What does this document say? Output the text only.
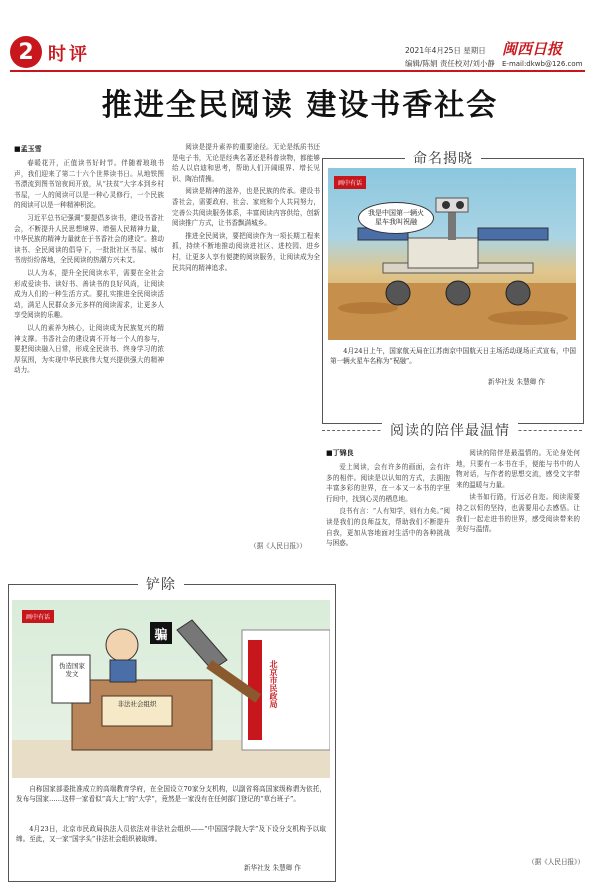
2 时评	2021年4月25日 星期日
编辑/陈娟 责任校对/刘小静
闽西日报
E-mail:dkwb@126.com
推进全民阅读 建设书香社会
■孟玉雪

春暖花开，正值读书好时节。伴随着琅琅书声，我们迎来了第二十六个世界读书日。从地铁图书漂流到图书馆夜间开放，从“扶贫”大字本到乡村书屋，一人的阅读可以是一种心灵修行，一个民族的阅读可以是一种精神积淀。

习近平总书记强调“要提倡多读书，建设书香社会，不断提升人民思想境界、增强人民精神力量，中华民族的精神力量就在于书香社会的建设”。推动读书、全民阅读的倡导下，一批批社区书屋、城市书房纷纷落地，全民阅读的热潮方兴未艾。

以人为本，提升全民阅读水平，需要在全社会形成爱读书、读好书、善读书的良好风尚，让阅读成为人们的一种生活方式。要扎实推进全民阅读活动，满足人民群众多元多样的阅读需求，让更多人享受阅读的乐趣。

以人的素养为核心，让阅读成为民族复兴的精神支撑。书香社会的建设离不开每一个人的参与，要把阅读融入日常，形成全民读书、终身学习的浓厚氛围，为实现中华民族伟大复兴提供强大的精神动力。

阅读是提升素养的重要途径。无论是纸质书还是电子书，无论是经典名著还是科普读物，都能够给人以启迪和思考，帮助人们开阔眼界、增长见识、陶冶情操。

阅读是精神的滋养，也是民族的传承。建设书香社会，需要政府、社会、家庭和个人共同努力，完善公共阅读服务体系，丰富阅读内容供给，创新阅读推广方式，让书香飘满城乡。

推进全民阅读，要把阅读作为一项长期工程来抓，持续不断地推动阅读进社区、进校园、进乡村，让更多人享有便捷的阅读服务，让阅读成为全民共同的精神追求。

（据《人民日报》）
命名揭晓
画中有话
我是中国第一辆火星车我叫祝融
4月24日上午，国家航天局在江苏南京中国航天日主场活动现场正式宣布，中国第一辆火星车名称为“祝融”。
新华社发 朱慧卿 作
阅读的陪伴最温情
■丁锦良

爱上阅读，会有许多的画面，会有许多的相伴。阅读是以认知的方式，去拥抱丰富多彩的世界，在一本又一本书的字里行间中，找到心灵的栖息地。

良书有言：“人有知学，则有力矣。”阅读是我们的良师益友，帮助我们不断提升自我，更加从容地面对生活中的各种挑战与困惑。

阅读的陪伴是最温情的。无论身处何地，只要有一本书在手，便能与书中的人物对话，与作者的思想交流，感受文字带来的温暖与力量。

读书如行路，行远必自迩。阅读需要持之以恒的坚持，也需要用心去感悟。让我们一起走进书的世界，感受阅读带来的美好与温情。

（据《人民日报》）
铲除
画中有话
伪造国家发文
骗
非法社会组织	北京市民政局
自称国家部委批准成立的高端教育学府，在全国设立70家分支机构，以副省将高国家级称谓为依托，发布与国家……这样一家看似“高大上”的“大学”，竟然是一家没有在任何部门登记的“草台班子”。
4月23日，北京市民政局执法人员依法对非法社会组织——“中国国学院大学”及下设分支机构予以取缔。至此，又一家“国字头”非法社会组织被取缔。
新华社发 朱慧卿 作
